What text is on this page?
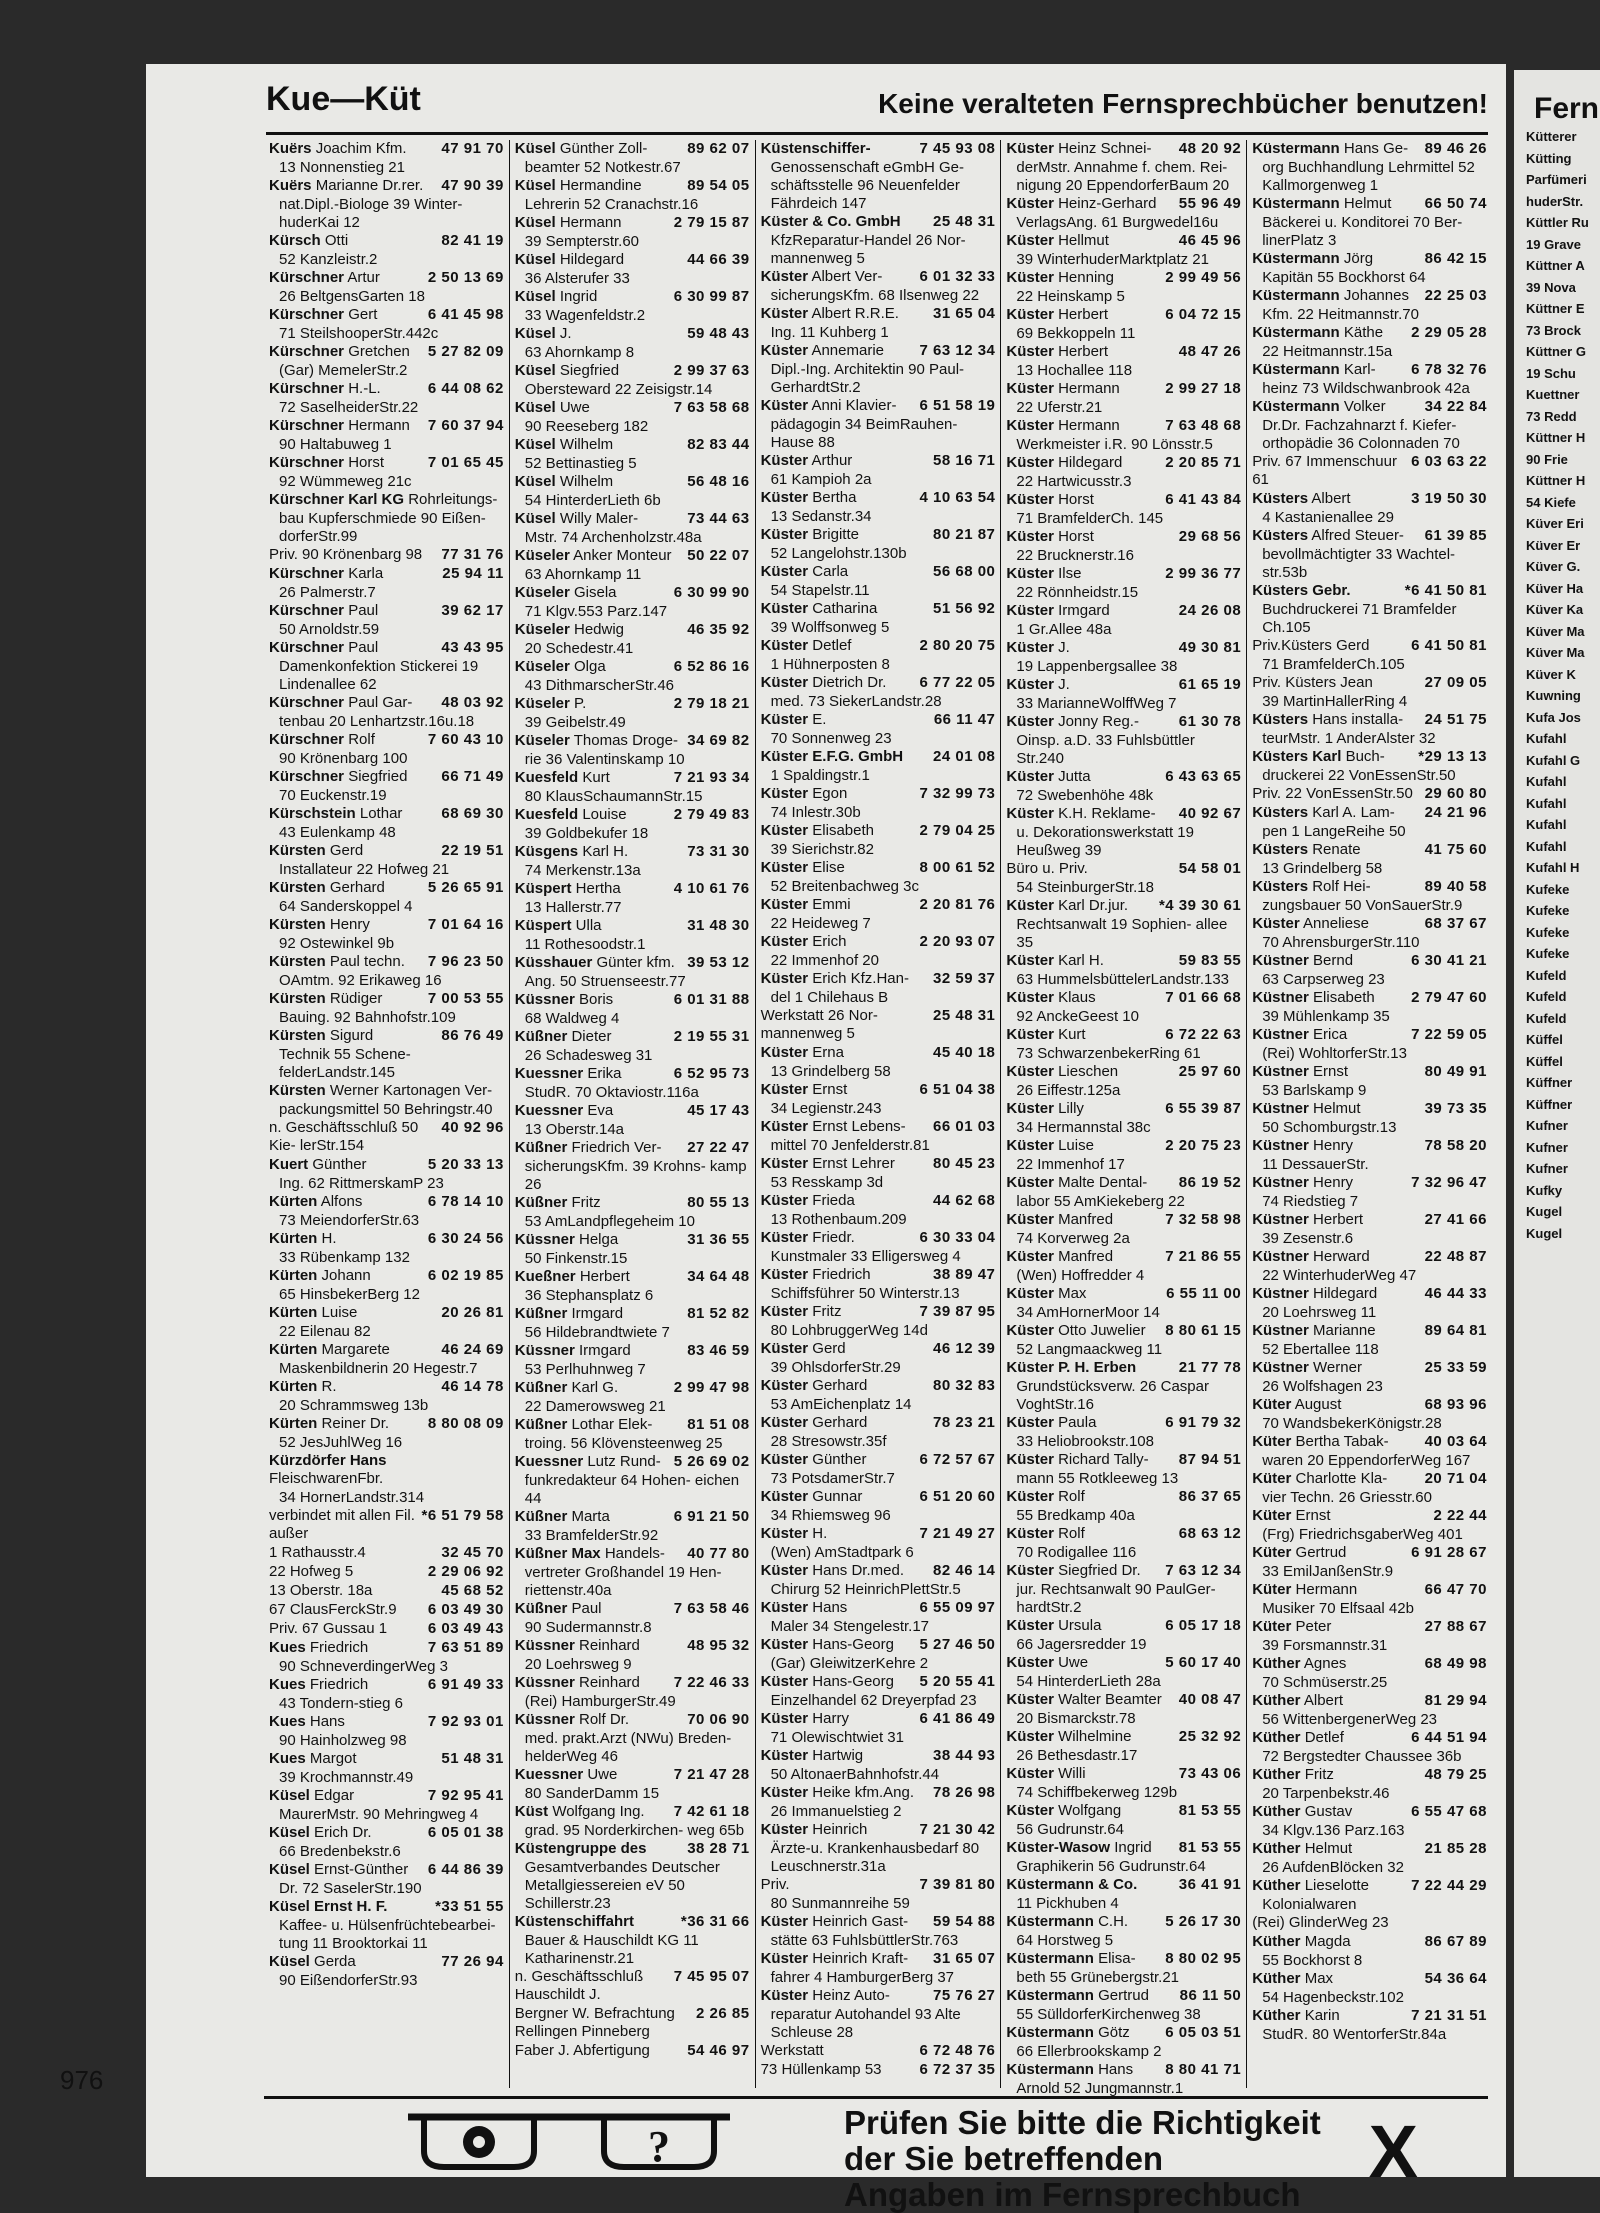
Kue—Küt	Keine veralteten Fernsprechbücher benutzen!
47 91 70
Kuërs Joachim Kfm.
13 Nonnenstieg 21
47 90 39
Kuërs Marianne Dr.rer.
nat.Dipl.-Biologe 39 Winter- huderKai 12
82 41 19
Kürsch Otti
52 Kanzleistr.2
2 50 13 69
Kürschner Artur
26 BeltgensGarten 18
6 41 45 98
Kürschner Gert
71 SteilshooperStr.442c
5 27 82 09
Kürschner Gretchen
(Gar) MemelerStr.2
6 44 08 62
Kürschner H.-L.
72 SaselheiderStr.22
7 60 37 94
Kürschner Hermann
90 Haltabuweg 1
7 01 65 45
Kürschner Horst
92 Wümmeweg 21c
Kürschner Karl KG Rohrleitungs-
bau Kupferschmiede 90 Eißen- dorferStr.99
77 31 76
Priv. 90 Krönenbarg 98
25 94 11
Kürschner Karla
26 Palmerstr.7
39 62 17
Kürschner Paul
50 Arnoldstr.59
43 43 95
Kürschner Paul
Damenkonfektion Stickerei 19 Lindenallee 62
48 03 92
Kürschner Paul Gar-
tenbau 20 Lenhartzstr.16u.18
7 60 43 10
Kürschner Rolf
90 Krönenbarg 100
66 71 49
Kürschner Siegfried
70 Euckenstr.19
68 69 30
Kürschstein Lothar
43 Eulenkamp 48
22 19 51
Kürsten Gerd
Installateur 22 Hofweg 21
5 26 65 91
Kürsten Gerhard
64 Sanderskoppel 4
7 01 64 16
Kürsten Henry
92 Ostewinkel 9b
7 96 23 50
Kürsten Paul techn.
OAmtm. 92 Erikaweg 16
7 00 53 55
Kürsten Rüdiger
Bauing. 92 Bahnhofstr.109
86 76 49
Kürsten Sigurd
Technik 55 Schene- felderLandstr.145
Kürsten Werner Kartonagen Ver-
packungsmittel 50 Behringstr.40
40 92 96
n. Geschäftsschluß 50 Kie- lerStr.154
5 20 33 13
Kuert Günther
Ing. 62 RittmerskamP 23
6 78 14 10
Kürten Alfons
73 MeiendorferStr.63
6 30 24 56
Kürten H.
33 Rübenkamp 132
6 02 19 85
Kürten Johann
65 HinsbekerBerg 12
20 26 81
Kürten Luise
22 Eilenau 82
46 24 69
Kürten Margarete
Maskenbildnerin 20 Hegestr.7
46 14 78
Kürten R.
20 Schrammsweg 13b
8 80 08 09
Kürten Reiner Dr.
52 JesJuhlWeg 16
Kürzdörfer Hans FleischwarenFbr.
34 HornerLandstr.314
*6 51 79 58
verbindet mit allen Fil. außer
32 45 70
1 Rathausstr.4
2 29 06 92
22 Hofweg 5
45 68 52
13 Oberstr. 18a
6 03 49 30
67 ClausFerckStr.9
6 03 49 43
Priv. 67 Gussau 1
7 63 51 89
Kues Friedrich
90 SchneverdingerWeg 3
6 91 49 33
Kues Friedrich
43 Tondern-stieg 6
7 92 93 01
Kues Hans
90 Hainholzweg 98
51 48 31
Kues Margot
39 Krochmannstr.49
7 92 95 41
Küsel Edgar
MaurerMstr. 90 Mehringweg 4
6 05 01 38
Küsel Erich Dr.
66 Bredenbekstr.6
6 44 86 39
Küsel Ernst-Günther
Dr. 72 SaselerStr.190
*33 51 55
Küsel Ernst H. F.
Kaffee- u. Hülsenfrüchtebearbei- tung 11 Brooktorkai 11
77 26 94
Küsel Gerda
90 EißendorferStr.93
89 62 07
Küsel Günther Zoll-
beamter 52 Notkestr.67
89 54 05
Küsel Hermandine
Lehrerin 52 Cranachstr.16
2 79 15 87
Küsel Hermann
39 Sempterstr.60
44 66 39
Küsel Hildegard
36 Alsterufer 33
6 30 99 87
Küsel Ingrid
33 Wagenfeldstr.2
59 48 43
Küsel J.
63 Ahornkamp 8
2 99 37 63
Küsel Siegfried
Obersteward 22 Zeisigstr.14
7 63 58 68
Küsel Uwe
90 Reeseberg 182
82 83 44
Küsel Wilhelm
52 Bettinastieg 5
56 48 16
Küsel Wilhelm
54 HinterderLieth 6b
73 44 63
Küsel Willy Maler-
Mstr. 74 Archenholzstr.48a
50 22 07
Küseler Anker Monteur
63 Ahornkamp 11
6 30 99 90
Küseler Gisela
71 Klgv.553 Parz.147
46 35 92
Küseler Hedwig
20 Schedestr.41
6 52 86 16
Küseler Olga
43 DithmarscherStr.46
2 79 18 21
Küseler P.
39 Geibelstr.49
34 69 82
Küseler Thomas Droge-
rie 36 Valentinskamp 10
7 21 93 34
Kuesfeld Kurt
80 KlausSchaumannStr.15
2 79 49 83
Kuesfeld Louise
39 Goldbekufer 18
73 31 30
Küsgens Karl H.
74 Merkenstr.13a
4 10 61 76
Küspert Hertha
13 Hallerstr.77
31 48 30
Küspert Ulla
11 Rothesoodstr.1
39 53 12
Küsshauer Günter kfm.
Ang. 50 Struenseestr.77
6 01 31 88
Küssner Boris
68 Waldweg 4
2 19 55 31
Küßner Dieter
26 Schadesweg 31
6 52 95 73
Kuessner Erika
StudR. 70 Oktaviostr.116a
45 17 43
Kuessner Eva
13 Oberstr.14a
27 22 47
Küßner Friedrich Ver-
sicherungsKfm. 39 Krohns- kamp 26
80 55 13
Küßner Fritz
53 AmLandpflegeheim 10
31 36 55
Küssner Helga
50 Finkenstr.15
34 64 48
Kueßner Herbert
36 Stephansplatz 6
81 52 82
Küßner Irmgard
56 Hildebrandtwiete 7
83 46 59
Küssner Irmgard
53 Perlhuhnweg 7
2 99 47 98
Küßner Karl G.
22 Damerowsweg 21
81 51 08
Küßner Lothar Elek-
troing. 56 Klövensteenweg 25
5 26 69 02
Kuessner Lutz Rund-
funkredakteur 64 Hohen- eichen 44
6 91 21 50
Küßner Marta
33 BramfelderStr.92
40 77 80
Küßner Max Handels-
vertreter Großhandel 19 Hen- riettenstr.40a
7 63 58 46
Küßner Paul
90 Sudermannstr.8
48 95 32
Küssner Reinhard
20 Loehrsweg 9
7 22 46 33
Küssner Reinhard
(Rei) HamburgerStr.49
70 06 90
Küssner Rolf Dr.
med. prakt.Arzt (NWu) Breden- helderWeg 46
7 21 47 28
Kuessner Uwe
80 SanderDamm 15
7 42 61 18
Küst Wolfgang Ing.
grad. 95 Norderkirchen- weg 65b
38 28 71
Küstengruppe des
Gesamtverbandes Deutscher Metallgiessereien eV 50 Schillerstr.23
*36 31 66
Küstenschiffahrt
Bauer & Hauschildt KG 11 Katharinenstr.21
7 45 95 07
n. Geschäftsschluß Hauschildt J.
2 26 85
Bergner W. Befrachtung Rellingen Pinneberg
54 46 97
Faber J. Abfertigung
7 45 93 08
Küstenschiffer-
Genossenschaft eGmbH Ge- schäftsstelle 96 Neuenfelder Fährdeich 147
25 48 31
Küster & Co. GmbH
KfzReparatur-Handel 26 Nor- mannenweg 5
6 01 32 33
Küster Albert Ver-
sicherungsKfm. 68 Ilsenweg 22
31 65 04
Küster Albert R.R.E.
Ing. 11 Kuhberg 1
7 63 12 34
Küster Annemarie
Dipl.-Ing. Architektin 90 Paul- GerhardtStr.2
6 51 58 19
Küster Anni Klavier-
pädagogin 34 BeimRauhen- Hause 88
58 16 71
Küster Arthur
61 Kampioh 2a
4 10 63 54
Küster Bertha
13 Sedanstr.34
80 21 87
Küster Brigitte
52 Langelohstr.130b
56 68 00
Küster Carla
54 Stapelstr.11
51 56 92
Küster Catharina
39 Wolffsonweg 5
2 80 20 75
Küster Detlef
1 Hühnerposten 8
6 77 22 05
Küster Dietrich Dr.
med. 73 SiekerLandstr.28
66 11 47
Küster E.
70 Sonnenweg 23
24 01 08
Küster E.F.G. GmbH
1 Spaldingstr.1
7 32 99 73
Küster Egon
74 Inlestr.30b
2 79 04 25
Küster Elisabeth
39 Sierichstr.82
8 00 61 52
Küster Elise
52 Breitenbachweg 3c
2 20 81 76
Küster Emmi
22 Heideweg 7
2 20 93 07
Küster Erich
22 Immenhof 20
32 59 37
Küster Erich Kfz.Han-
del 1 Chilehaus B
25 48 31
Werkstatt 26 Nor- mannenweg 5
45 40 18
Küster Erna
13 Grindelberg 58
6 51 04 38
Küster Ernst
34 Legienstr.243
66 01 03
Küster Ernst Lebens-
mittel 70 Jenfelderstr.81
80 45 23
Küster Ernst Lehrer
53 Resskamp 3d
44 62 68
Küster Frieda
13 Rothenbaum.209
6 30 33 04
Küster Friedr.
Kunstmaler 33 Elligersweg 4
38 89 47
Küster Friedrich
Schiffsführer 50 Winterstr.13
7 39 87 95
Küster Fritz
80 LohbruggerWeg 14d
46 12 39
Küster Gerd
39 OhlsdorferStr.29
80 32 83
Küster Gerhard
53 AmEichenplatz 14
78 23 21
Küster Gerhard
28 Stresowstr.35f
6 72 57 67
Küster Günther
73 PotsdamerStr.7
6 51 20 60
Küster Gunnar
34 Rhiemsweg 96
7 21 49 27
Küster H.
(Wen) AmStadtpark 6
82 46 14
Küster Hans Dr.med.
Chirurg 52 HeinrichPlettStr.5
6 55 09 97
Küster Hans
Maler 34 Stengelestr.17
5 27 46 50
Küster Hans-Georg
(Gar) GleiwitzerKehre 2
5 20 55 41
Küster Hans-Georg
Einzelhandel 62 Dreyerpfad 23
6 41 86 49
Küster Harry
71 Olewischtwiet 31
38 44 93
Küster Hartwig
50 AltonaerBahnhofstr.44
78 26 98
Küster Heike kfm.Ang.
26 Immanuelstieg 2
7 21 30 42
Küster Heinrich
Ärzte-u. Krankenhausbedarf 80 Leuschnerstr.31a
7 39 81 80
Priv.
80 Sunmannreihe 59
59 54 88
Küster Heinrich Gast-
stätte 63 FuhlsbüttlerStr.763
31 65 07
Küster Heinrich Kraft-
fahrer 4 HamburgerBerg 37
75 76 27
Küster Heinz Auto-
reparatur Autohandel 93 Alte Schleuse 28
6 72 48 76
Werkstatt
6 72 37 35
73 Hüllenkamp 53
48 20 92
Küster Heinz Schnei-
derMstr. Annahme f. chem. Rei- nigung 20 EppendorferBaum 20
55 96 49
Küster Heinz-Gerhard
VerlagsAng. 61 Burgwedel16u
46 45 96
Küster Hellmut
39 WinterhuderMarktplatz 21
2 99 49 56
Küster Henning
22 Heinskamp 5
6 04 72 15
Küster Herbert
69 Bekkoppeln 11
48 47 26
Küster Herbert
13 Hochallee 118
2 99 27 18
Küster Hermann
22 Uferstr.21
7 63 48 68
Küster Hermann
Werkmeister i.R. 90 Lönsstr.5
2 20 85 71
Küster Hildegard
22 Hartwicusstr.3
6 41 43 84
Küster Horst
71 BramfelderCh. 145
29 68 56
Küster Horst
22 Brucknerstr.16
2 99 36 77
Küster Ilse
22 Rönnheidstr.15
24 26 08
Küster Irmgard
1 Gr.Allee 48a
49 30 81
Küster J.
19 Lappenbergsallee 38
61 65 19
Küster J.
33 MarianneWolffWeg 7
61 30 78
Küster Jonny Reg.-
Oinsp. a.D. 33 Fuhlsbüttler Str.240
6 43 63 65
Küster Jutta
72 Swebenhöhe 48k
40 92 67
Küster K.H. Reklame-
u. Dekorationswerkstatt 19 Heußweg 39
54 58 01
Büro u. Priv.
54 SteinburgerStr.18
*4 39 30 61
Küster Karl Dr.jur.
Rechtsanwalt 19 Sophien- allee 35
59 83 55
Küster Karl H.
63 HummelsbüttelerLandstr.133
7 01 66 68
Küster Klaus
92 AnckeGeest 10
6 72 22 63
Küster Kurt
73 SchwarzenbekerRing 61
25 97 60
Küster Lieschen
26 Eiffestr.125a
6 55 39 87
Küster Lilly
34 Hermannstal 38c
2 20 75 23
Küster Luise
22 Immenhof 17
86 19 52
Küster Malte Dental-
labor 55 AmKiekeberg 22
7 32 58 98
Küster Manfred
74 Korverweg 2a
7 21 86 55
Küster Manfred
(Wen) Hoffredder 4
6 55 11 00
Küster Max
34 AmHornerMoor 14
8 80 61 15
Küster Otto Juwelier
52 Langmaackweg 11
21 77 78
Küster P. H. Erben
Grundstücksverw. 26 Caspar VoghtStr.16
6 91 79 32
Küster Paula
33 Heliobrookstr.108
87 94 51
Küster Richard Tally-
mann 55 Rotkleeweg 13
86 37 65
Küster Rolf
55 Bredkamp 40a
68 63 12
Küster Rolf
70 Rodigallee 116
7 63 12 34
Küster Siegfried Dr.
jur. Rechtsanwalt 90 PaulGer- hardtStr.2
6 05 17 18
Küster Ursula
66 Jagersredder 19
5 60 17 40
Küster Uwe
54 HinterderLieth 28a
40 08 47
Küster Walter Beamter
20 Bismarckstr.78
25 32 92
Küster Wilhelmine
26 Bethesdastr.17
73 43 06
Küster Willi
74 Schiffbekerweg 129b
81 53 55
Küster Wolfgang
56 Gudrunstr.64
81 53 55
Küster-Wasow Ingrid
Graphikerin 56 Gudrunstr.64
36 41 91
Küstermann & Co.
11 Pickhuben 4
5 26 17 30
Küstermann C.H.
64 Horstweg 5
8 80 02 95
Küstermann Elisa-
beth 55 Grünebergstr.21
86 11 50
Küstermann Gertrud
55 SülldorferKirchenweg 38
6 05 03 51
Küstermann Götz
66 Ellerbrookskamp 2
8 80 41 71
Küstermann Hans
Arnold 52 Jungmannstr.1
89 46 26
Küstermann Hans Ge-
org Buchhandlung Lehrmittel 52 Kallmorgenweg 1
66 50 74
Küstermann Helmut
Bäckerei u. Konditorei 70 Ber- linerPlatz 3
86 42 15
Küstermann Jörg
Kapitän 55 Bockhorst 64
22 25 03
Küstermann Johannes
Kfm. 22 Heitmannstr.70
2 29 05 28
Küstermann Käthe
22 Heitmannstr.15a
6 78 32 76
Küstermann Karl-
heinz 73 Wildschwanbrook 42a
34 22 84
Küstermann Volker
Dr.Dr. Fachzahnarzt f. Kiefer- orthopädie 36 Colonnaden 70
6 03 63 22
Priv. 67 Immenschuur 61
3 19 50 30
Küsters Albert
4 Kastanienallee 29
61 39 85
Küsters Alfred Steuer-
bevollmächtigter 33 Wachtel- str.53b
*6 41 50 81
Küsters Gebr.
Buchdruckerei 71 Bramfelder Ch.105
6 41 50 81
Priv.Küsters Gerd
71 BramfelderCh.105
27 09 05
Priv. Küsters Jean
39 MartinHallerRing 4
24 51 75
Küsters Hans installa-
teurMstr. 1 AnderAlster 32
*29 13 13
Küsters Karl Buch-
druckerei 22 VonEssenStr.50
29 60 80
Priv. 22 VonEssenStr.50
24 21 96
Küsters Karl A. Lam-
pen 1 LangeReihe 50
41 75 60
Küsters Renate
13 Grindelberg 58
89 40 58
Küsters Rolf Hei-
zungsbauer 50 VonSauerStr.9
68 37 67
Küster Anneliese
70 AhrensburgerStr.110
6 30 41 21
Küstner Bernd
63 Carpserweg 23
2 79 47 60
Küstner Elisabeth
39 Mühlenkamp 35
7 22 59 05
Küstner Erica
(Rei) WohltorferStr.13
80 49 91
Küstner Ernst
53 Barlskamp 9
39 73 35
Küstner Helmut
50 Schomburgstr.13
78 58 20
Küstner Henry
11 DessauerStr.
7 32 96 47
Küstner Henry
74 Riedstieg 7
27 41 66
Küstner Herbert
39 Zesenstr.6
22 48 87
Küstner Herward
22 WinterhuderWeg 47
46 44 33
Küstner Hildegard
20 Loehrsweg 11
89 64 81
Küstner Marianne
52 Ebertallee 118
25 33 59
Küstner Werner
26 Wolfshagen 23
68 93 96
Küter August
70 WandsbekerKönigstr.28
40 03 64
Küter Bertha Tabak-
waren 20 EppendorferWeg 167
20 71 04
Küter Charlotte Kla-
vier Techn. 26 Griesstr.60
2 22 44
Küter Ernst
(Frg) FriedrichsgaberWeg 401
6 91 28 67
Küter Gertrud
33 EmilJanßenStr.9
66 47 70
Küter Hermann
Musiker 70 Elfsaal 42b
27 88 67
Küter Peter
39 Forsmannstr.31
68 49 98
Küther Agnes
70 Schmüserstr.25
81 29 94
Küther Albert
56 WittenbergenerWeg 23
6 44 51 94
Küther Detlef
72 Bergstedter Chaussee 36b
48 79 25
Küther Fritz
20 Tarpenbekstr.46
6 55 47 68
Küther Gustav
34 Klgv.136 Parz.163
21 85 28
Küther Helmut
26 AufdenBlöcken 32
7 22 44 29
Küther Lieselotte
Kolonialwaren
(Rei) GlinderWeg 23
86 67 89
Küther Magda
55 Bockhorst 8
54 36 64
Küther Max
54 Hagenbeckstr.102
7 21 31 51
Küther Karin
StudR. 80 WentorferStr.84a
?	Prüfen Sie bitte die Richtigkeit
der Sie betreffenden
Angaben im Fernsprechbuch
X
976
Fern
Kütterer
Kütting
Parfümeri
huderStr.
Küttler Ru
19 Grave
Küttner A
39 Nova
Küttner E
73 Brock
Küttner G
19 Schu
Kuettner
73 Redd
Küttner H
90 Frie
Küttner H
54 Kiefe
Küver Eri
Küver Er
Küver G.
Küver Ha
Küver Ka
Küver Ma
Küver Ma
Küver K
Kuwning
Kufa Jos
Kufahl
Kufahl G
Kufahl
Kufahl
Kufahl
Kufahl
Kufahl H
Kufeke
Kufeke
Kufeke
Kufeke
Kufeld
Kufeld
Kufeld
Küffel
Küffel
Küffner
Küffner
Kufner
Kufner
Kufner
Kufky
Kugel
Kugel
